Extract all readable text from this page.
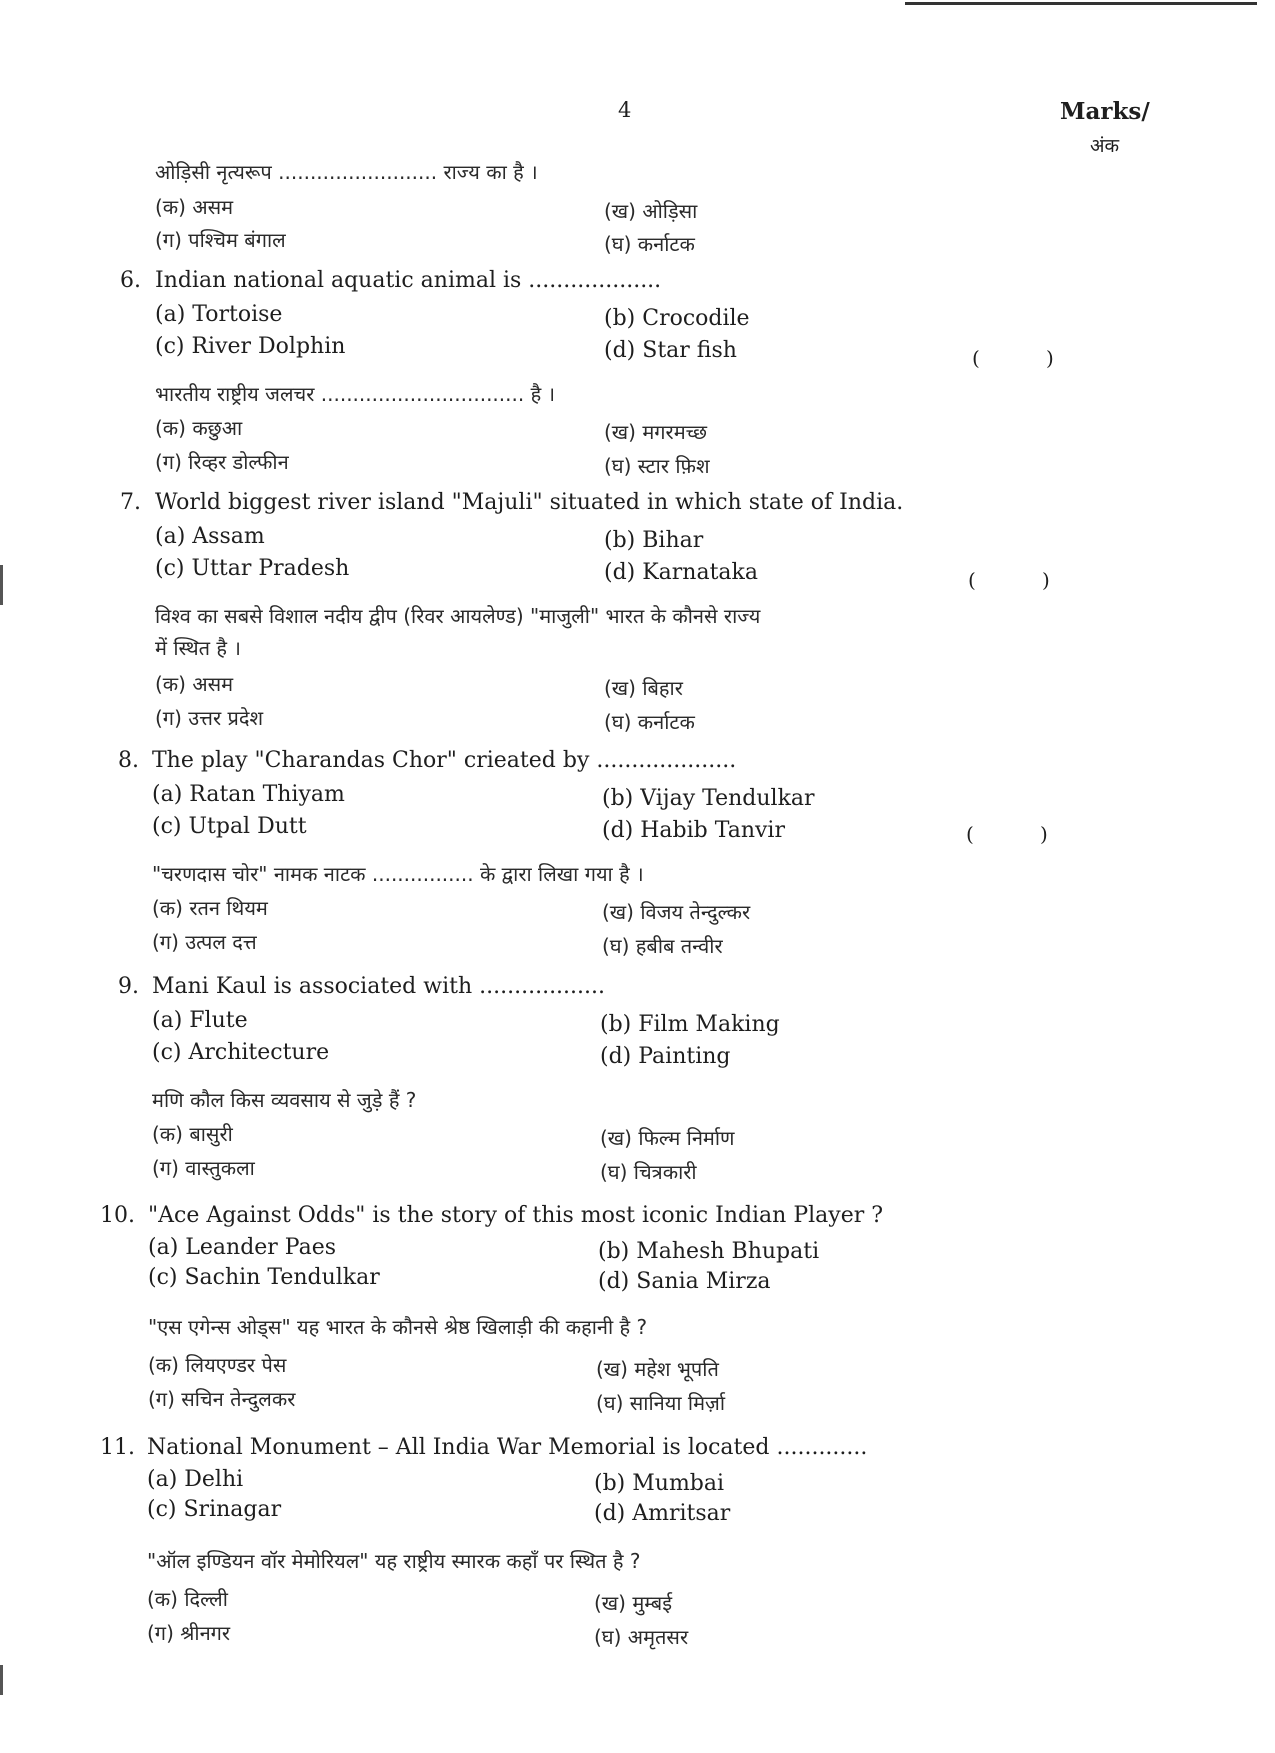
4	Marks/
अंक
ओड़िसी नृत्यरूप ......................... राज्य का है ।
(क) असम	(ख) ओड़िसा
(ग) पश्चिम बंगाल	(घ) कर्नाटक
6. Indian national aquatic animal is ...................
(a) Tortoise	(b) Crocodile
(c) River Dolphin	(d) Star fish	(	)
भारतीय राष्ट्रीय जलचर ................................ है ।
(क) कछुआ	(ख) मगरमच्छ
(ग) रिव्हर डोल्फीन	(घ) स्टार फ़िश
7. World biggest river island "Majuli" situated in which state of India.
(a) Assam	(b) Bihar
(c) Uttar Pradesh	(d) Karnataka	(	)
विश्व का सबसे विशाल नदीय द्वीप (रिवर आयलेण्ड) "माजुली" भारत के कौनसे राज्य
में स्थित है ।
(क) असम	(ख) बिहार
(ग) उत्तर प्रदेश	(घ) कर्नाटक
8. The play "Charandas Chor" crieated by ....................
(a) Ratan Thiyam	(b) Vijay Tendulkar
(c) Utpal Dutt	(d) Habib Tanvir	(	)
"चरणदास चोर" नामक नाटक ................ के द्वारा लिखा गया है ।
(क) रतन थियम	(ख) विजय तेन्दुल्कर
(ग) उत्पल दत्त	(घ) हबीब तन्वीर
9. Mani Kaul is associated with ..................
(a) Flute	(b) Film Making
(c) Architecture	(d) Painting
मणि कौल किस व्यवसाय से जुड़े हैं ?
(क) बासुरी	(ख) फिल्म निर्माण
(ग) वास्तुकला	(घ) चित्रकारी
10. "Ace Against Odds" is the story of this most iconic Indian Player ?
(a) Leander Paes	(b) Mahesh Bhupati
(c) Sachin Tendulkar	(d) Sania Mirza
"एस एगेन्स ओड्स" यह भारत के कौनसे श्रेष्ठ खिलाड़ी की कहानी है ?
(क) लियएण्डर पेस	(ख) महेश भूपति
(ग) सचिन तेन्दुलकर	(घ) सानिया मिर्ज़ा
11. National Monument – All India War Memorial is located .............
(a) Delhi	(b) Mumbai
(c) Srinagar	(d) Amritsar
"ऑल इण्डियन वॉर मेमोरियल" यह राष्ट्रीय स्मारक कहाँ पर स्थित है ?
(क) दिल्ली	(ख) मुम्बई
(ग) श्रीनगर	(घ) अमृतसर
